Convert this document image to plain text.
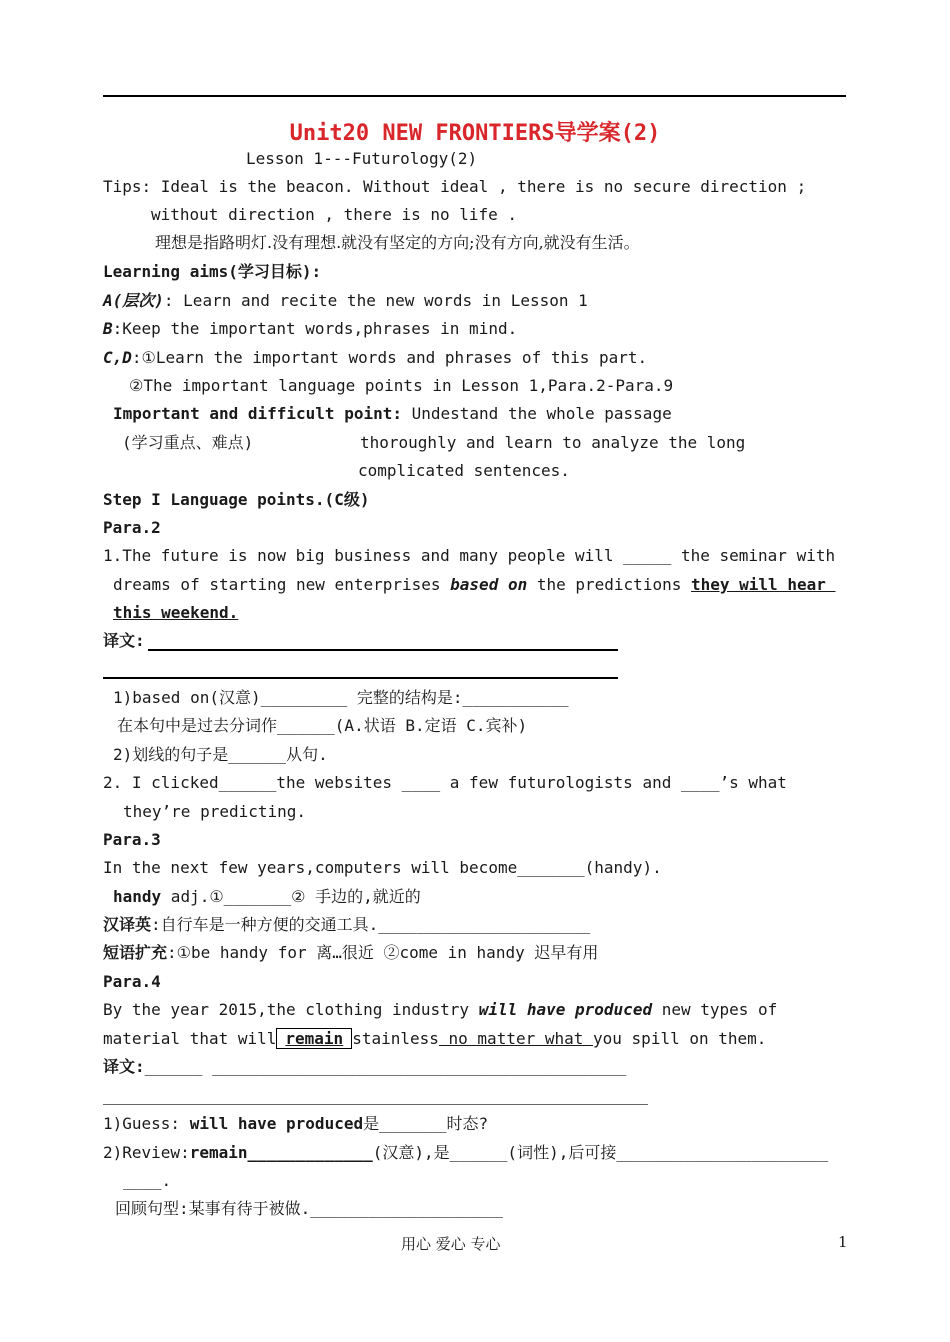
Unit20 NEW FRONTIERS导学案(2)
Lesson 1---Futurology(2)
Tips: Ideal is the beacon. Without ideal , there is no secure direction ;
without direction , there is no life .
理想是指路明灯.没有理想.就没有坚定的方向;没有方向,就没有生活。
Learning aims(学习目标):
A(层次): Learn and recite the new words in Lesson 1
B:Keep the important words,phrases in mind.
C,D:①Learn the important words and phrases of this part.
②The important language points in Lesson 1,Para.2-Para.9
Important and difficult point: Undestand the whole passage
(学习重点、难点)	thoroughly and learn to analyze the long
complicated sentences.
Step I Language points.(C级)
Para.2
1.The future is now big business and many people will _____ the seminar with
dreams of starting new enterprises based on the predictions they will hear
this weekend.
译文:
1)based on(汉意)_________ 完整的结构是:___________
在本句中是过去分词作______(A.状语 B.定语 C.宾补)
2)划线的句子是______从句.
2. I clicked______the websites ____ a few futurologists and ____’s what
they’re predicting.
Para.3
In the next few years,computers will become_______(handy).
handy adj.①_______② 手边的,就近的
汉译英:自行车是一种方便的交通工具.______________________
短语扩充:①be handy for 离…很近 ②come in handy 迟早有用
Para.4
By the year 2015,the clothing industry will have produced new types of
material that will remain stainless no matter what you spill on them.
译文:______ ___________________________________________
1)Guess: will have produced是_______时态?
2)Review:remain_____________(汉意),是______(词性),后可接______________________
____.
回顾句型:某事有待于被做.____________________
用心 爱心 专心	1
